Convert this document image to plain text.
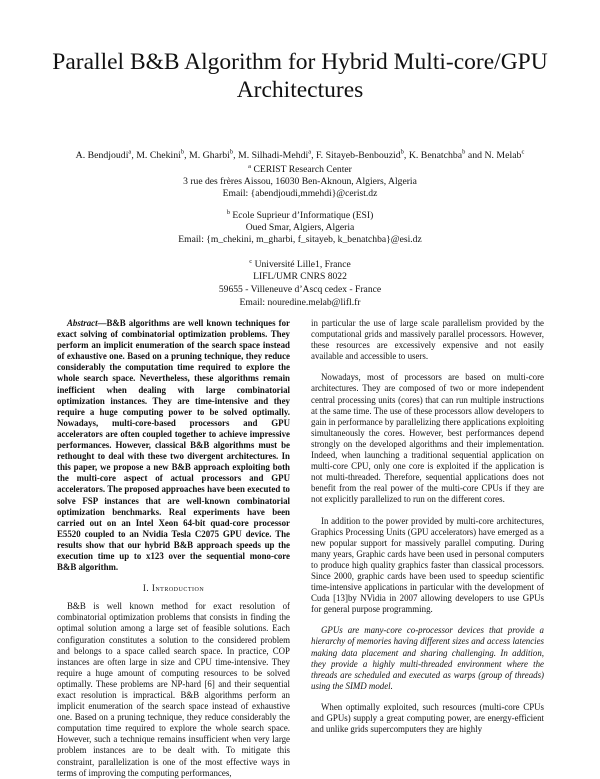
Parallel B&B Algorithm for Hybrid Multi-core/GPU Architectures
A. Bendjoudi$^a$, M. Chekini$^b$, M. Gharbi$^b$, M. Silhadi-Mehdi$^a$, F. Sitayeb-Benbouzid$^b$, K. Benatchba$^b$ and N. Melab$^c$
$^a$ CERIST Research Center
3 rue des frères Aissou, 16030 Ben-Aknoun, Algiers, Algeria
Email: {abendjoudi,mmehdi}@cerist.dz
$^b$ Ecole Suprieur d’Informatique (ESI)
Oued Smar, Algiers, Algeria
Email: {m_chekini, m_gharbi, f_sitayeb, k_benatchba}@esi.dz
$^c$ Université Lille1, France
LIFL/UMR CNRS 8022
59655 - Villeneuve d’Ascq cedex - France
Email: nouredine.melab@lifl.fr

Abstract—B&B algorithms are well known techniques for exact solving of combinatorial optimization problems. They perform an implicit enumeration of the search space instead of exhaustive one. Based on a pruning technique, they reduce considerably the computation time required to explore the whole search space. Nevertheless, these algorithms remain inefficient when dealing with large combinatorial optimization instances. They are time-intensive and they require a huge computing power to be solved optimally. Nowadays, multi-core-based processors and GPU accelerators are often coupled together to achieve impressive performances. However, classical B&B algorithms must be rethought to deal with these two divergent architectures. In this paper, we propose a new B&B approach exploiting both the multi-core aspect of actual processors and GPU accelerators. The proposed approaches have been executed to solve FSP instances that are well-known combinatorial optimization benchmarks. Real experiments have been carried out on an Intel Xeon 64-bit quad-core processor E5520 coupled to an Nvidia Tesla C2075 GPU device. The results show that our hybrid B&B approach speeds up the execution time up to x123 over the sequential mono-core B&B algorithm.

I. Introduction

B&B is well known method for exact resolution of combinatorial optimization problems that consists in finding the optimal solution among a large set of feasible solutions. Each configuration constitutes a solution to the considered problem and belongs to a space called search space. In practice, COP instances are often large in size and CPU time-intensive. They require a huge amount of computing resources to be solved optimally. These problems are NP-hard [6] and their sequential exact resolution is impractical. B&B algorithms perform an implicit enumeration of the search space instead of exhaustive one. Based on a pruning technique, they reduce considerably the computation time required to explore the whole search space. However, such a technique remains insufficient when very large problem instances are to be dealt with. To mitigate this constraint, parallelization is one of the most effective ways in terms of improving the computing performances,

in particular the use of large scale parallelism provided by the computational grids and massively parallel processors. However, these resources are excessively expensive and not easily available and accessible to users.

Nowadays, most of processors are based on multi-core architectures. They are composed of two or more independent central processing units (cores) that can run multiple instructions at the same time. The use of these processors allow developers to gain in performance by parallelizing there applications exploiting simultaneously the cores. However, best performances depend strongly on the developed algorithms and their implementation. Indeed, when launching a traditional sequential application on multi-core CPU, only one core is exploited if the application is not multi-threaded. Therefore, sequential applications does not benefit from the real power of the multi-core CPUs if they are not explicitly parallelized to run on the different cores.

In addition to the power provided by multi-core architectures, Graphics Processing Units (GPU accelerators) have emerged as a new popular support for massively parallel computing. During many years, Graphic cards have been used in personal computers to produce high quality graphics faster than classical processors. Since 2000, graphic cards have been used to speedup scientific time-intensive applications in particular with the development of Cuda [13]by NVidia in 2007 allowing developers to use GPUs for general purpose programming.

GPUs are many-core co-processor devices that provide a hierarchy of memories having different sizes and access latencies making data placement and sharing challenging. In addition, they provide a highly multi-threaded environment where the threads are scheduled and executed as warps (group of threads) using the SIMD model.

When optimally exploited, such resources (multi-core CPUs and GPUs) supply a great computing power, are energy-efficient and unlike grids supercomputers they are highly
